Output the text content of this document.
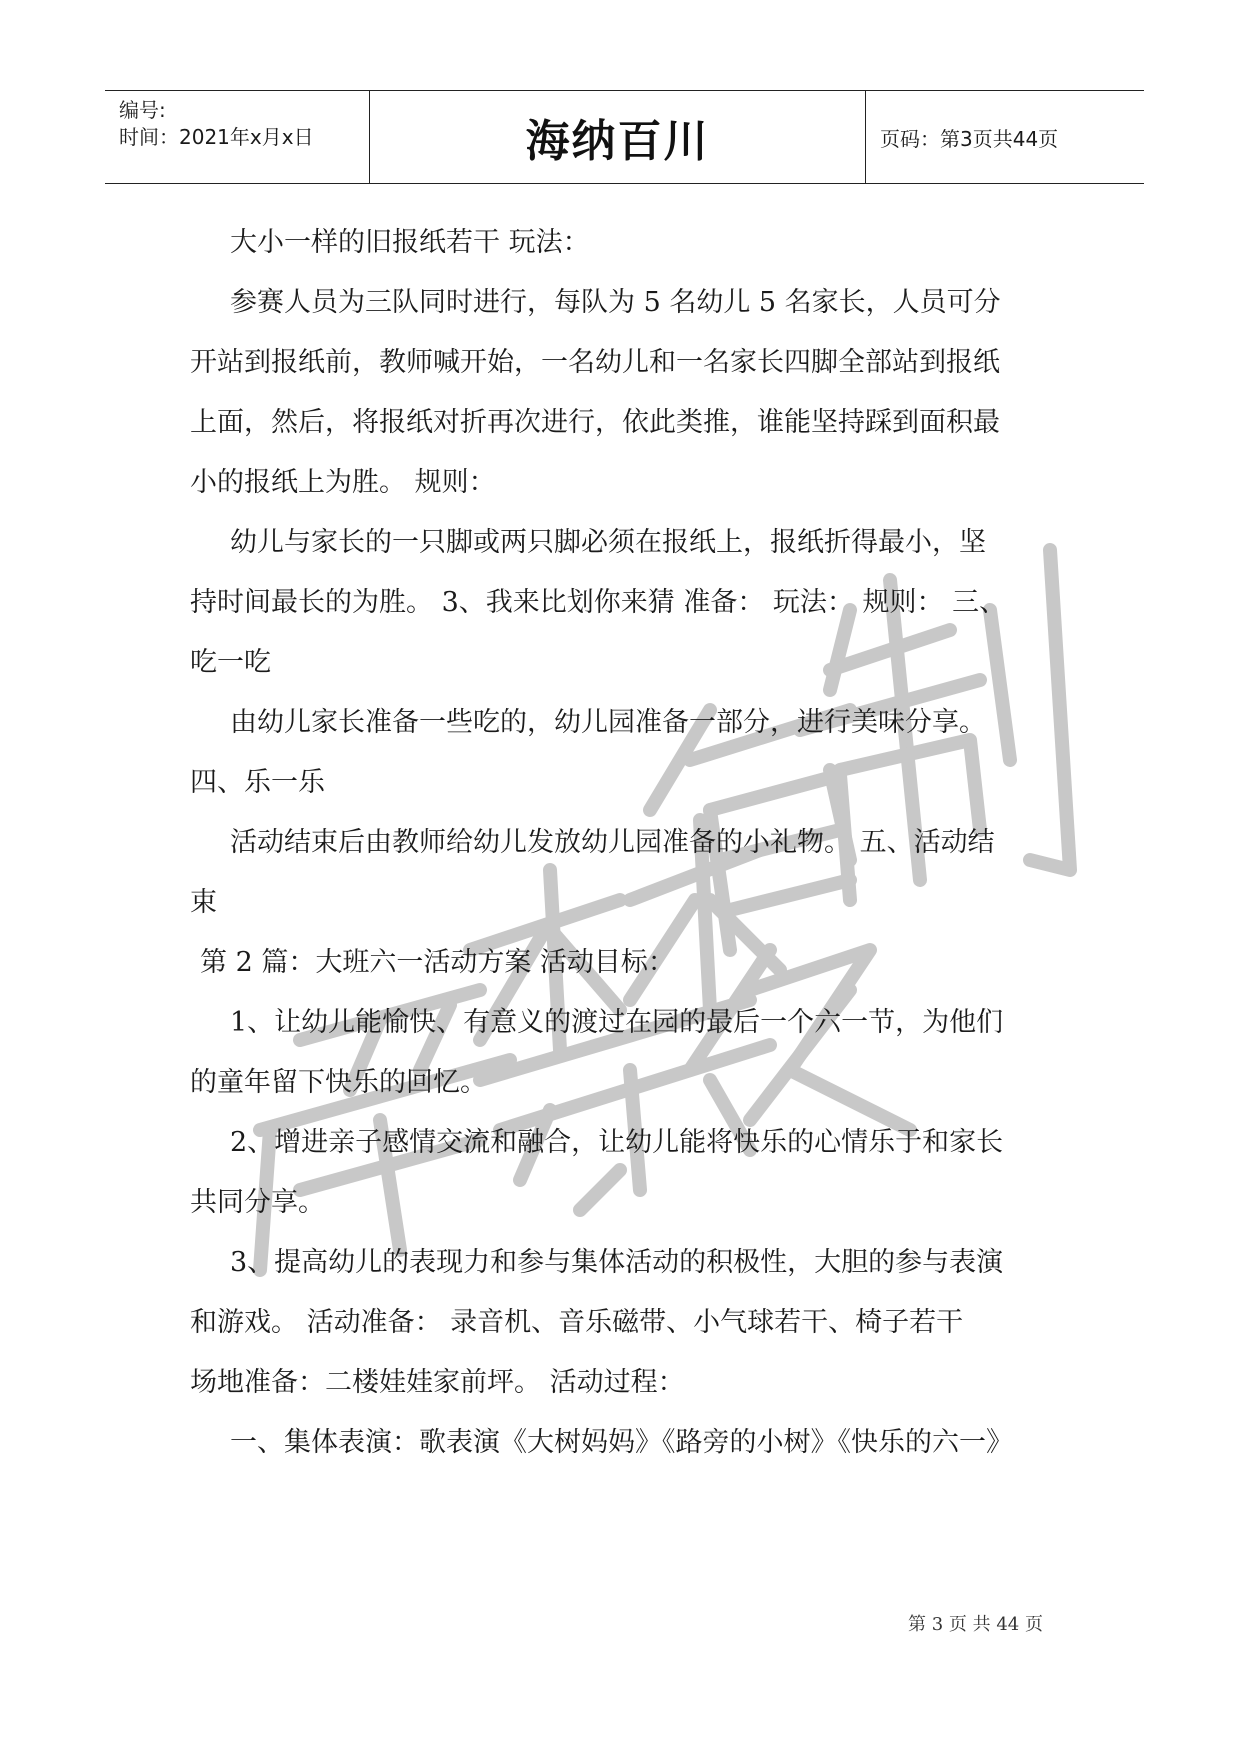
编号:
时间：2021年x月x日	海纳百川	页码：第3页共44页
大小一样的旧报纸若干 玩法：
参赛人员为三队同时进行，每队为 5 名幼儿 5 名家长，人员可分
开站到报纸前，教师喊开始，一名幼儿和一名家长四脚全部站到报纸
上面，然后，将报纸对折再次进行，依此类推，谁能坚持踩到面积最
小的报纸上为胜。 规则：
幼儿与家长的一只脚或两只脚必须在报纸上，报纸折得最小，坚
持时间最长的为胜。 3、我来比划你来猜 准备： 玩法： 规则： 三、
吃一吃
由幼儿家长准备一些吃的，幼儿园准备一部分，进行美味分享。
四、乐一乐
活动结束后由教师给幼儿发放幼儿园准备的小礼物。 五、活动结
束
第 2 篇：大班六一活动方案 活动目标：
1、让幼儿能愉快、有意义的渡过在园的最后一个六一节，为他们
的童年留下快乐的回忆。
2、增进亲子感情交流和融合，让幼儿能将快乐的心情乐于和家长
共同分享。
3、提高幼儿的表现力和参与集体活动的积极性，大胆的参与表演
和游戏。 活动准备： 录音机、音乐磁带、小气球若干、椅子若干
场地准备：二楼娃娃家前坪。 活动过程：
一、集体表演：歌表演《大树妈妈》《路旁的小树》《快乐的六一》
第 3 页 共 44 页
